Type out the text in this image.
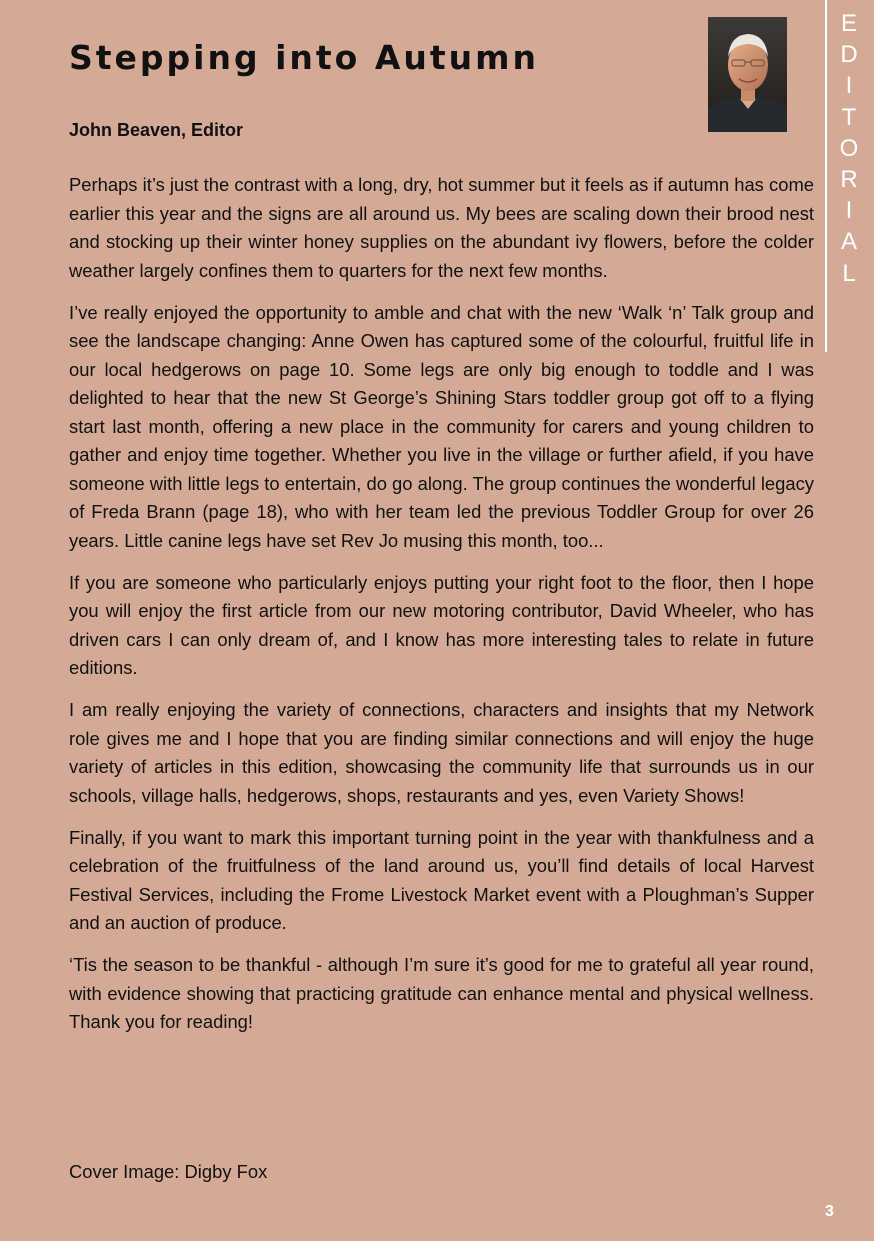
Stepping into Autumn

John Beaven, Editor

E
D
I
T
O
R
I
A
L

Perhaps it’s just the contrast with a long, dry, hot summer but it feels as if autumn has come earlier this year and the signs are all around us. My bees are scaling down their brood nest and stocking up their winter honey supplies on the abundant ivy flowers, before the colder weather largely confines them to quarters for the next few months.

I’ve really enjoyed the opportunity to amble and chat with the new ‘Walk ‘n’ Talk group and see the landscape changing: Anne Owen has captured some of the colourful, fruitful life in our local hedgerows on page 10. Some legs are only big enough to toddle and I was delighted to hear that the new St George’s Shining Stars toddler group got off to a flying start last month, offering a new place in the community for carers and young children to gather and enjoy time together. Whether you live in the village or further afield, if you have someone with little legs to entertain, do go along. The group continues the wonderful legacy of Freda Brann (page 18), who with her team led the previous Toddler Group for over 26 years. Little canine legs have set Rev Jo musing this month, too...

If you are someone who particularly enjoys putting your right foot to the floor, then I hope you will enjoy the first article from our new motoring contributor, David Wheeler, who has driven cars I can only dream of, and I know has more interesting tales to relate in future editions.

I am really enjoying the variety of connections, characters and insights that my Network role gives me and I hope that you are finding similar connections and will enjoy the huge variety of articles in this edition, showcasing the community life that surrounds us in our schools, village halls, hedgerows, shops, restaurants and yes, even Variety Shows!

Finally, if you want to mark this important turning point in the year with thankfulness and a celebration of the fruitfulness of the land around us, you’ll find details of local Harvest Festival Services, including the Frome Livestock Market event with a Ploughman’s Supper and an auction of produce.

‘Tis the season to be thankful - although I’m sure it’s good for me to grateful all year round, with evidence showing that practicing gratitude can enhance mental and physical wellness. Thank you for reading!

Cover Image: Digby Fox

3
